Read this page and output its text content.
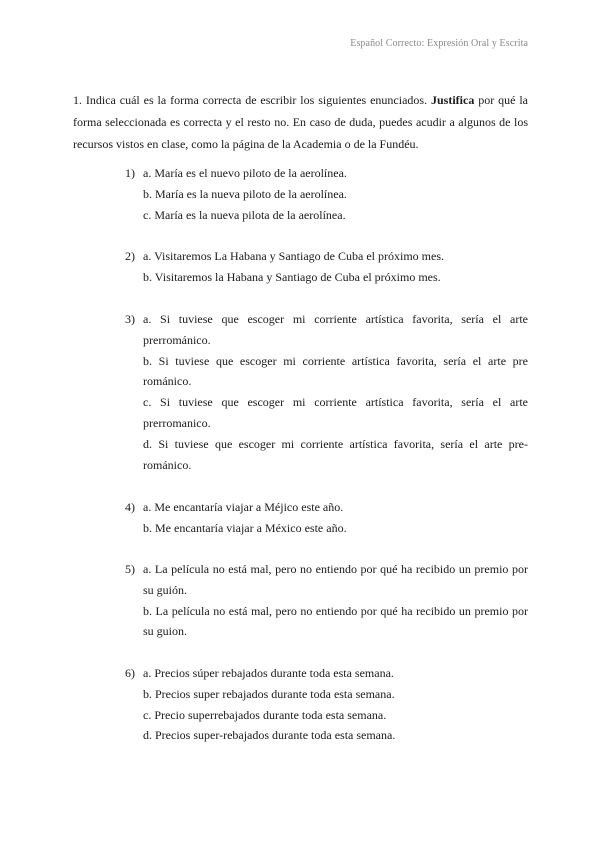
Español Correcto: Expresión Oral y Escrita
1. Indica cuál es la forma correcta de escribir los siguientes enunciados. Justifica por qué la forma seleccionada es correcta y el resto no. En caso de duda, puedes acudir a algunos de los recursos vistos en clase, como la página de la Academia o de la Fundéu.
1) a. María es el nuevo piloto de la aerolínea.
b. María es la nueva piloto de la aerolínea.
c. María es la nueva pilota de la aerolínea.
2) a. Visitaremos La Habana y Santiago de Cuba el próximo mes.
b. Visitaremos la Habana y Santiago de Cuba el próximo mes.
3) a. Si tuviese que escoger mi corriente artística favorita, sería el arte prerrománico.
b. Si tuviese que escoger mi corriente artística favorita, sería el arte pre románico.
c. Si tuviese que escoger mi corriente artística favorita, sería el arte prerromanico.
d. Si tuviese que escoger mi corriente artística favorita, sería el arte pre-románico.
4) a. Me encantaría viajar a Méjico este año.
b. Me encantaría viajar a México este año.
5) a. La película no está mal, pero no entiendo por qué ha recibido un premio por su guión.
b. La película no está mal, pero no entiendo por qué ha recibido un premio por su guion.
6) a. Precios súper rebajados durante toda esta semana.
b. Precios super rebajados durante toda esta semana.
c. Precio superrebajados durante toda esta semana.
d. Precios super-rebajados durante toda esta semana.
